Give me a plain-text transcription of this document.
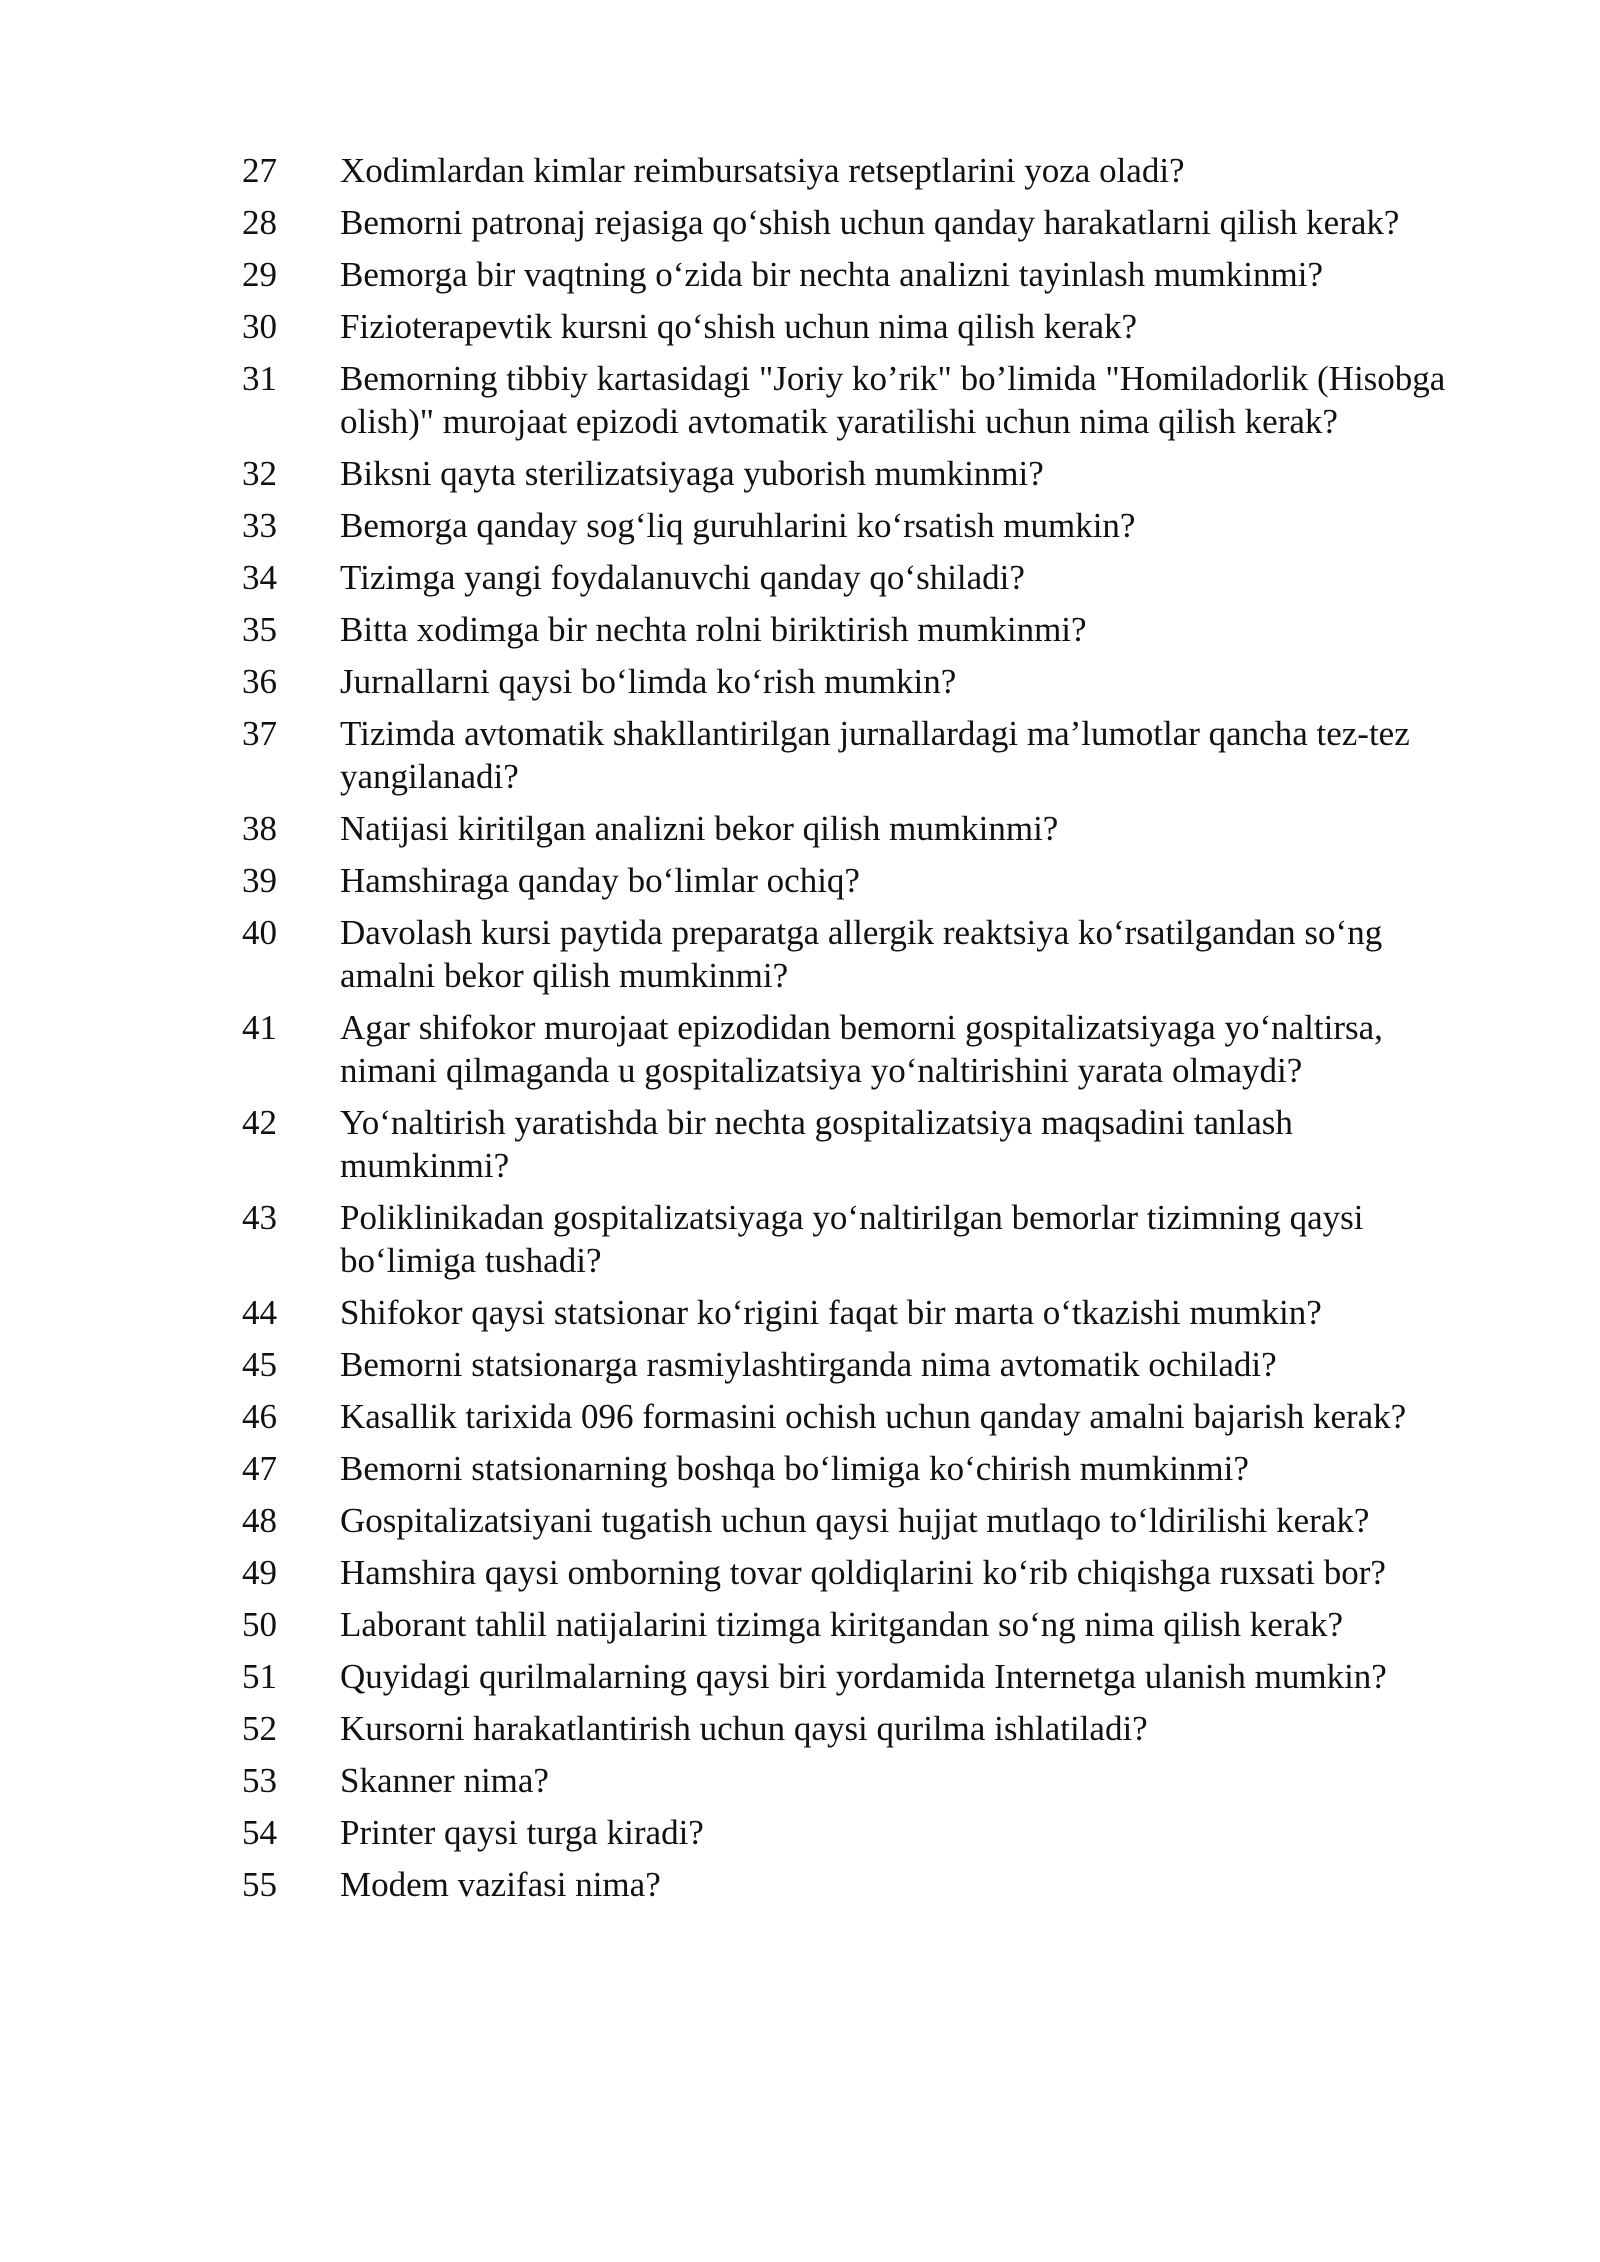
27	Xodimlardan kimlar reimbursatsiya retseptlarini yoza oladi?
28	Bemorni patronaj rejasiga qo‘shish uchun qanday harakatlarni qilish kerak?
29	Bemorga bir vaqtning o‘zida bir nechta analizni tayinlash mumkinmi?
30	Fizioterapevtik kursni qo‘shish uchun nima qilish kerak?
31	Bemorning tibbiy kartasidagi "Joriy ko’rik" bo’limida "Homiladorlik (Hisobga olish)" murojaat epizodi avtomatik yaratilishi uchun nima qilish kerak?
32	Biksni qayta sterilizatsiyaga yuborish mumkinmi?
33	Bemorga qanday sog‘liq guruhlarini ko‘rsatish mumkin?
34	Tizimga yangi foydalanuvchi qanday qo‘shiladi?
35	Bitta xodimga bir nechta rolni biriktirish mumkinmi?
36	Jurnallarni qaysi bo‘limda ko‘rish mumkin?
37	Tizimda avtomatik shakllantirilgan jurnallardagi ma’lumotlar qancha tez-tez yangilanadi?
38	Natijasi kiritilgan analizni bekor qilish mumkinmi?
39	Hamshiraga qanday bo‘limlar ochiq?
40	Davolash kursi paytida preparatga allergik reaktsiya ko‘rsatilgandan so‘ng amalni bekor qilish mumkinmi?
41	Agar shifokor murojaat epizodidan bemorni gospitalizatsiyaga yo‘naltirsa, nimani qilmaganda u gospitalizatsiya yo‘naltirishini yarata olmaydi?
42	Yo‘naltirish yaratishda bir nechta gospitalizatsiya maqsadini tanlash mumkinmi?
43	Poliklinikadan gospitalizatsiyaga yo‘naltirilgan bemorlar tizimning qaysi bo‘limiga tushadi?
44	Shifokor qaysi statsionar ko‘rigini faqat bir marta o‘tkazishi mumkin?
45	Bemorni statsionarga rasmiylashtirganda nima avtomatik ochiladi?
46	Kasallik tarixida 096 formasini ochish uchun qanday amalni bajarish kerak?
47	Bemorni statsionarning boshqa bo‘limiga ko‘chirish mumkinmi?
48	Gospitalizatsiyani tugatish uchun qaysi hujjat mutlaqo to‘ldirilishi kerak?
49	Hamshira qaysi omborning tovar qoldiqlarini ko‘rib chiqishga ruxsati bor?
50	Laborant tahlil natijalarini tizimga kiritgandan so‘ng nima qilish kerak?
51	Quyidagi qurilmalarning qaysi biri yordamida Internetga ulanish mumkin?
52	Kursorni harakatlantirish uchun qaysi qurilma ishlatiladi?
53	Skanner nima?
54	Printer qaysi turga kiradi?
55	Modem vazifasi nima?
